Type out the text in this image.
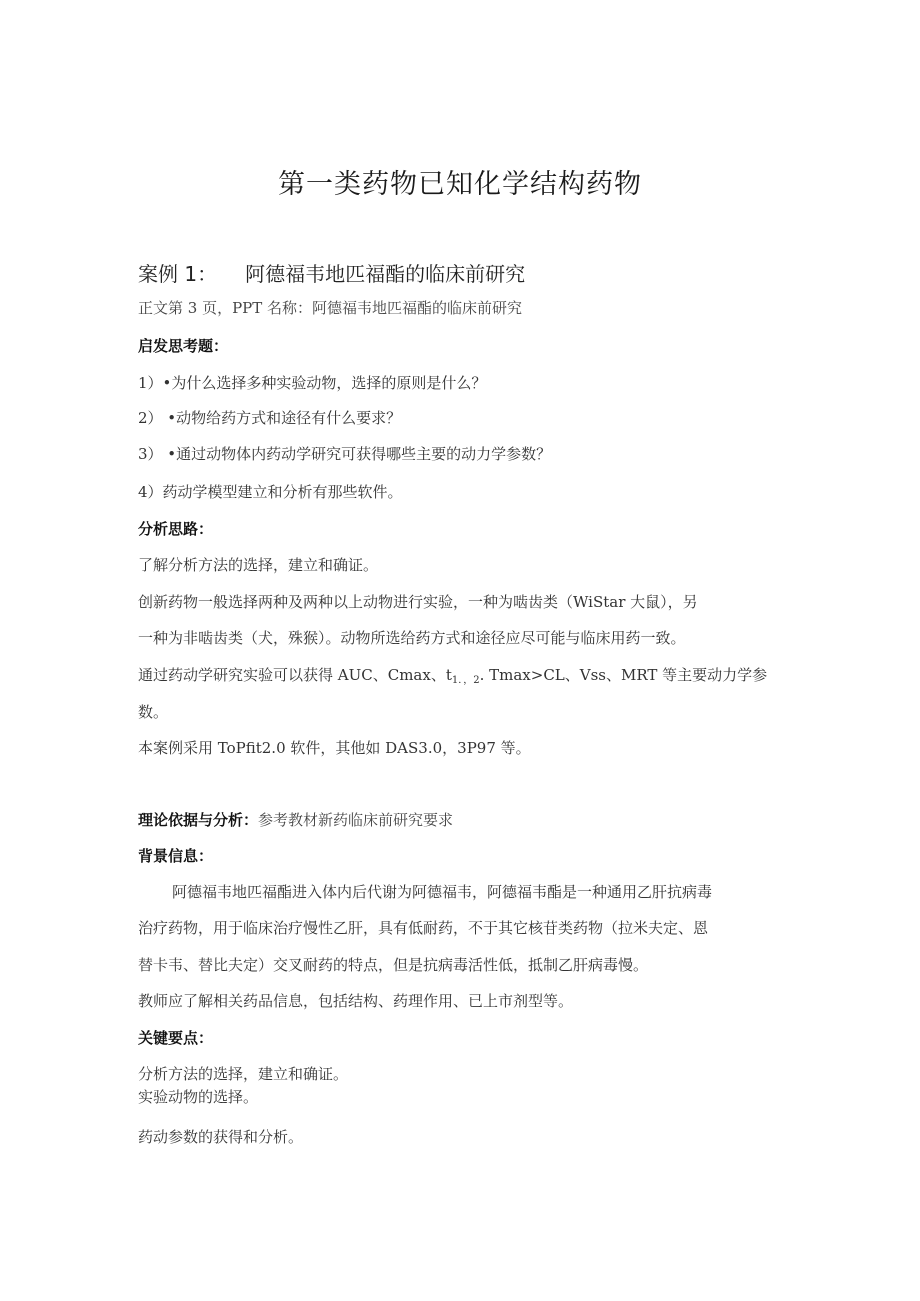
第一类药物已知化学结构药物
案例 1： 阿德福韦地匹福酯的临床前研究
正文第 3 页，PPT 名称：阿德福韦地匹福酯的临床前研究
启发思考题：
1）•为什么选择多种实验动物，选择的原则是什么？
2） •动物给药方式和途径有什么要求？
3） •通过动物体内药动学研究可获得哪些主要的动力学参数？
4）药动学模型建立和分析有那些软件。
分析思路：
了解分析方法的选择，建立和确证。
创新药物一般选择两种及两种以上动物进行实验，一种为啮齿类（WiStar 大鼠），另
一种为非啮齿类（犬，殊猴）。动物所选给药方式和途径应尽可能与临床用药一致。
通过药动学研究实验可以获得 AUC、Cmax、$t_{1.,2}$. Tmax>CL、Vss、MRT 等主要动力学参
数。
本案例采用 ToPfit2.0 软件，其他如 DAS3.0，3P97 等。
理论依据与分析：参考教材新药临床前研究要求
背景信息：
阿德福韦地匹福酯进入体内后代谢为阿德福韦，阿德福韦酯是一种通用乙肝抗病毒
治疗药物，用于临床治疗慢性乙肝，具有低耐药，不于其它核苷类药物（拉米夫定、恩
替卡韦、替比夫定）交叉耐药的特点，但是抗病毒活性低，抵制乙肝病毒慢。
教师应了解相关药品信息，包括结构、药理作用、已上市剂型等。
关键要点：
分析方法的选择，建立和确证。
实验动物的选择。
药动参数的获得和分析。
